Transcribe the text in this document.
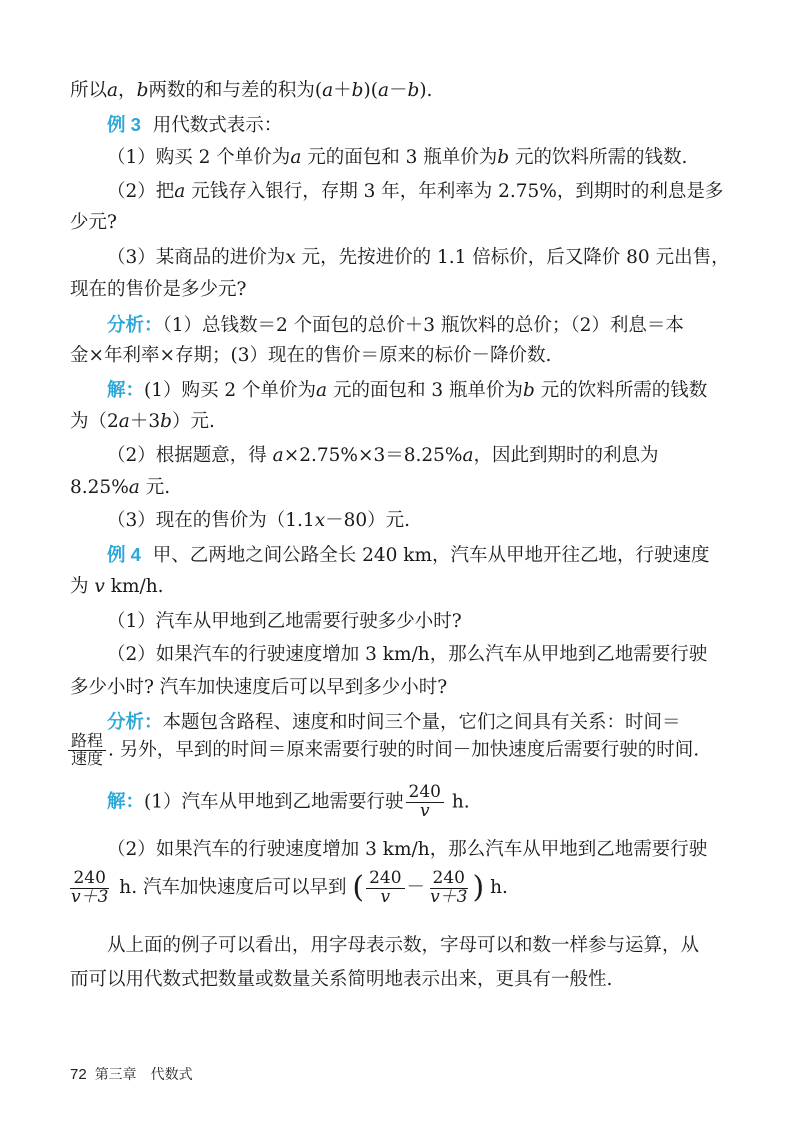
所以a，b两数的和与差的积为(a＋b)(a－b).
例 3 用代数式表示：
（1）购买 2 个单价为a 元的面包和 3 瓶单价为b 元的饮料所需的钱数.
（2）把a 元钱存入银行，存期 3 年，年利率为 2.75%，到期时的利息是多
少元?
（3）某商品的进价为x 元，先按进价的 1.1 倍标价，后又降价 80 元出售，
现在的售价是多少元?
分析：（1）总钱数＝2 个面包的总价＋3 瓶饮料的总价；（2）利息＝本
金×年利率×存期；(3）现在的售价＝原来的标价－降价数.
解：(1）购买 2 个单价为a 元的面包和 3 瓶单价为b 元的饮料所需的钱数
为（2a＋3b）元.
（2）根据题意，得 a×2.75%×3＝8.25%a，因此到期时的利息为
8.25%a 元.
（3）现在的售价为（1.1x－80）元.
例 4 甲、乙两地之间公路全长 240 km，汽车从甲地开往乙地，行驶速度
为 v km/h.
（1）汽车从甲地到乙地需要行驶多少小时?
（2）如果汽车的行驶速度增加 3 km/h，那么汽车从甲地到乙地需要行驶
多少小时? 汽车加快速度后可以早到多少小时?
分析：本题包含路程、速度和时间三个量，它们之间具有关系：时间＝
$\frac{\text{路程}}{\text{速度}}$ . 另外，早到的时间＝原来需要行驶的时间－加快速度后需要行驶的时间.
解：(1）汽车从甲地到乙地需要行驶 $\frac{240}{v} h$.
（2）如果汽车的行驶速度增加 3 km/h，那么汽车从甲地到乙地需要行驶
$\frac{240}{v+3} h$. 汽车加快速度后可以早到 ( $\frac{240}{v} - \frac{240}{v+3}$ ) h.
从上面的例子可以看出，用字母表示数，字母可以和数一样参与运算，从
而可以用代数式把数量或数量关系简明地表示出来，更具有一般性.
72 第三章　代数式
